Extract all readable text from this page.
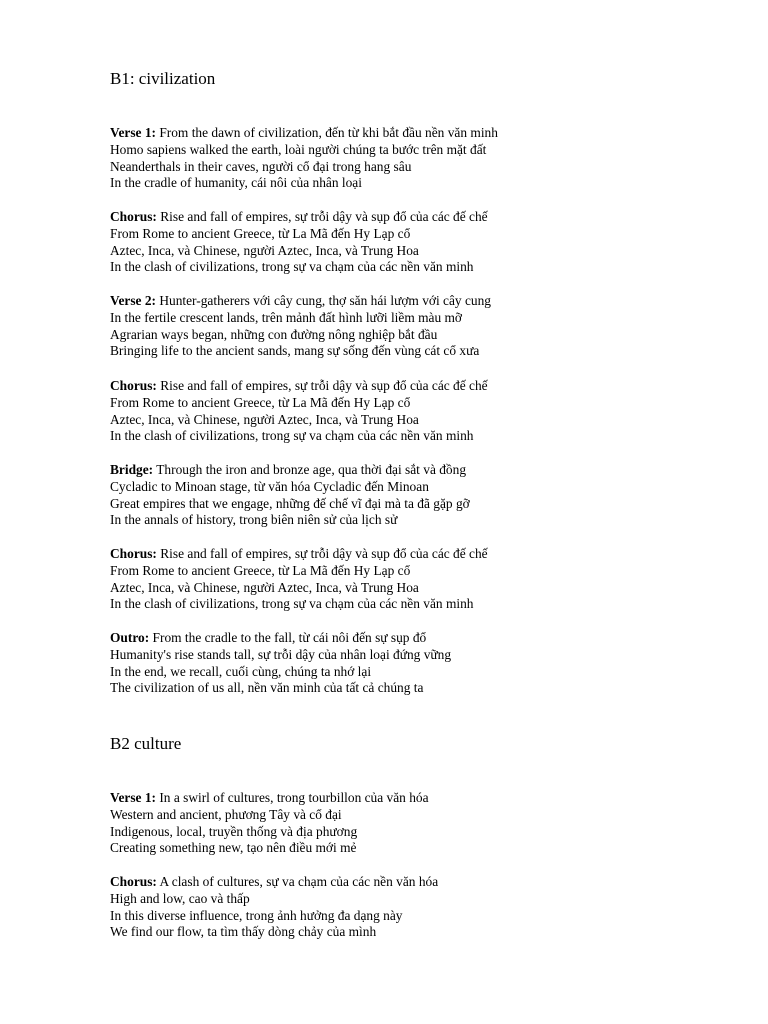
B1: civilization
Verse 1: From the dawn of civilization, đến từ khi bắt đầu nền văn minh
Homo sapiens walked the earth, loài người chúng ta bước trên mặt đất
Neanderthals in their caves, người cổ đại trong hang sâu
In the cradle of humanity, cái nôi của nhân loại
Chorus: Rise and fall of empires, sự trỗi dậy và sụp đổ của các đế chế
From Rome to ancient Greece, từ La Mã đến Hy Lạp cổ
Aztec, Inca, và Chinese, người Aztec, Inca, và Trung Hoa
In the clash of civilizations, trong sự va chạm của các nền văn minh
Verse 2: Hunter-gatherers với cây cung, thợ săn hái lượm với cây cung
In the fertile crescent lands, trên mảnh đất hình lưỡi liềm màu mỡ
Agrarian ways began, những con đường nông nghiệp bắt đầu
Bringing life to the ancient sands, mang sự sống đến vùng cát cổ xưa
Chorus: Rise and fall of empires, sự trỗi dậy và sụp đổ của các đế chế
From Rome to ancient Greece, từ La Mã đến Hy Lạp cổ
Aztec, Inca, và Chinese, người Aztec, Inca, và Trung Hoa
In the clash of civilizations, trong sự va chạm của các nền văn minh
Bridge: Through the iron and bronze age, qua thời đại sắt và đồng
Cycladic to Minoan stage, từ văn hóa Cycladic đến Minoan
Great empires that we engage, những đế chế vĩ đại mà ta đã gặp gỡ
In the annals of history, trong biên niên sử của lịch sử
Chorus: Rise and fall of empires, sự trỗi dậy và sụp đổ của các đế chế
From Rome to ancient Greece, từ La Mã đến Hy Lạp cổ
Aztec, Inca, và Chinese, người Aztec, Inca, và Trung Hoa
In the clash of civilizations, trong sự va chạm của các nền văn minh
Outro: From the cradle to the fall, từ cái nôi đến sự sụp đổ
Humanity's rise stands tall, sự trỗi dậy của nhân loại đứng vững
In the end, we recall, cuối cùng, chúng ta nhớ lại
The civilization of us all, nền văn minh của tất cả chúng ta
B2 culture
Verse 1: In a swirl of cultures, trong tourbillon của văn hóa
Western and ancient, phương Tây và cổ đại
Indigenous, local, truyền thống và địa phương
Creating something new, tạo nên điều mới mẻ
Chorus: A clash of cultures, sự va chạm của các nền văn hóa
High and low, cao và thấp
In this diverse influence, trong ảnh hưởng đa dạng này
We find our flow, ta tìm thấy dòng chảy của mình
